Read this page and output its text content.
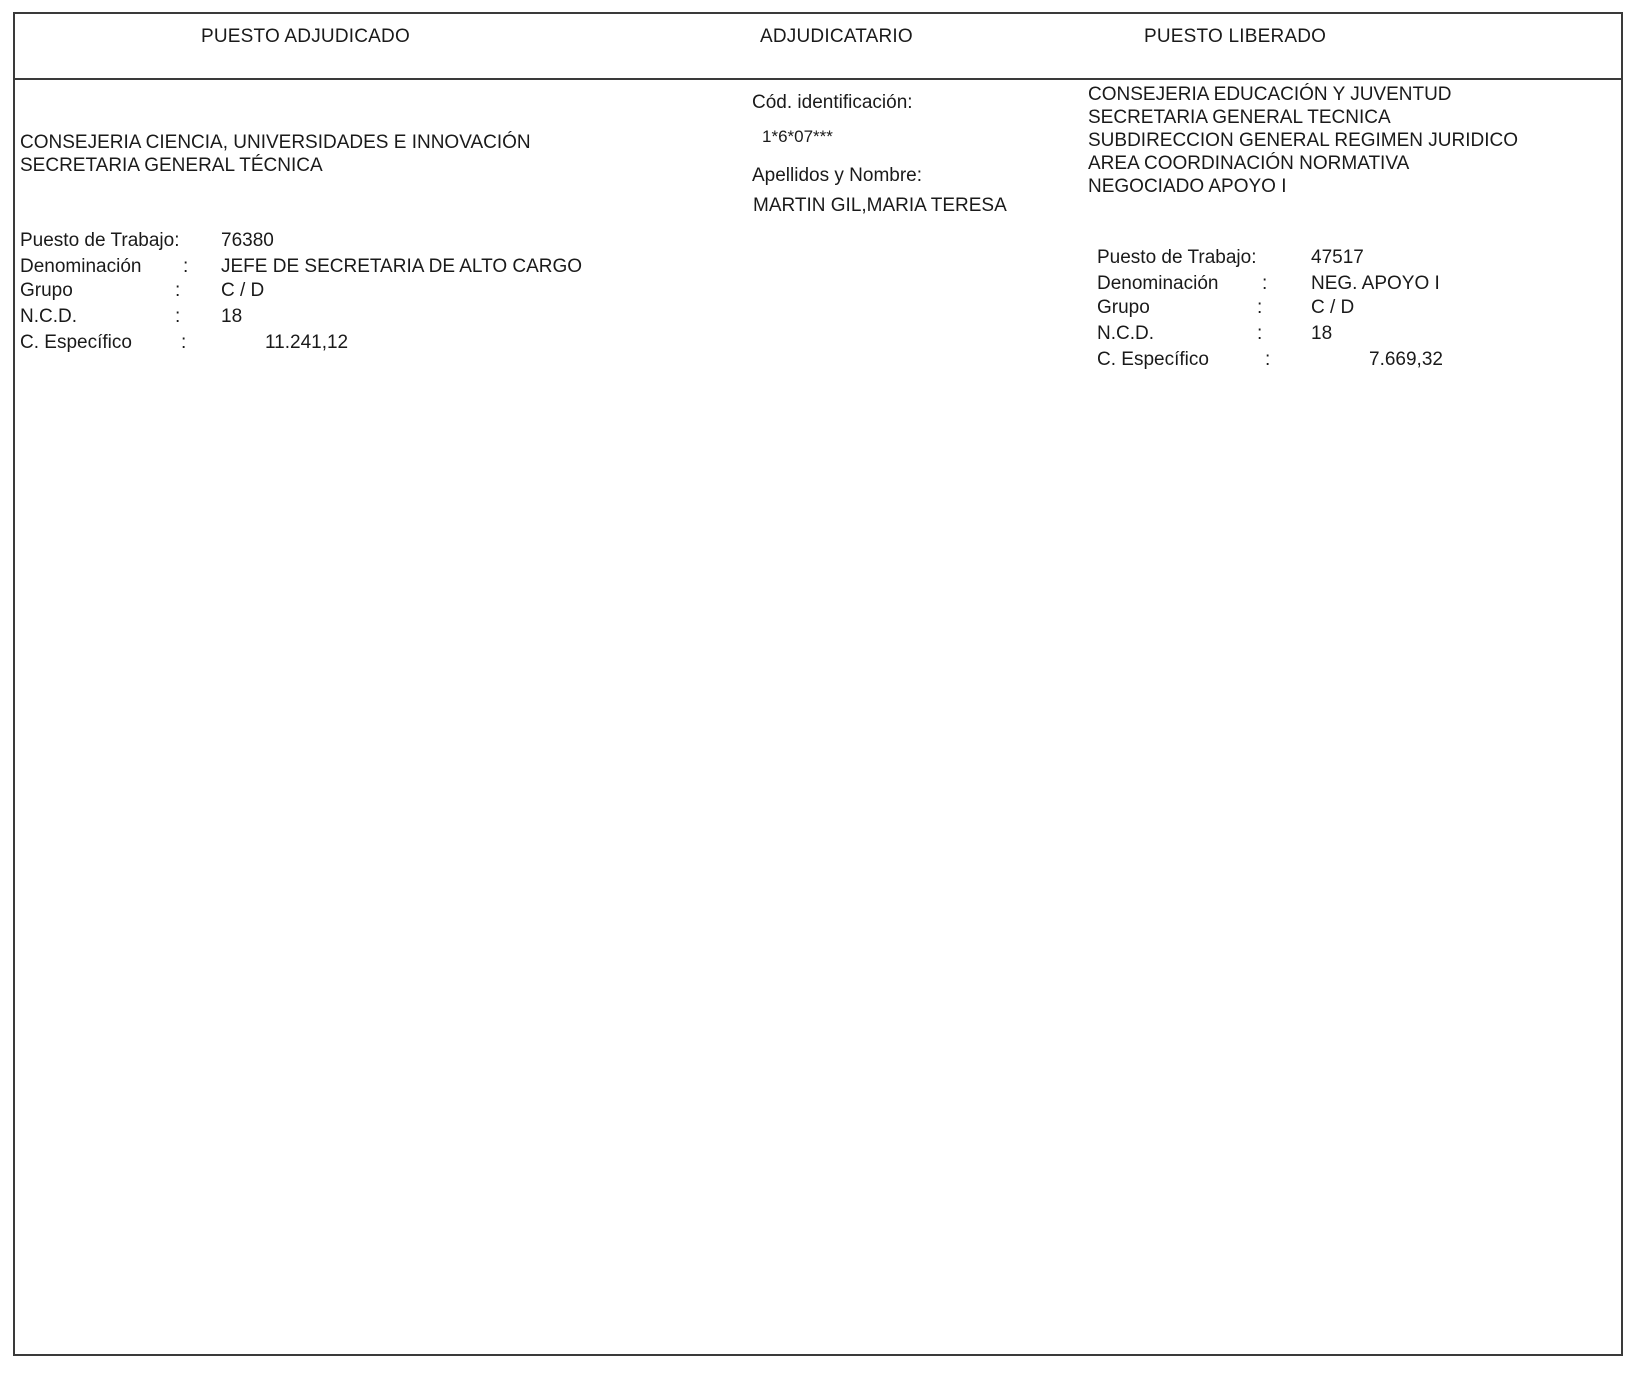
PUESTO ADJUDICADO	ADJUDICATARIO	PUESTO LIBERADO
CONSEJERIA CIENCIA, UNIVERSIDADES E INNOVACIÓN
SECRETARIA GENERAL TÉCNICA
Puesto de Trabajo: 76380
Denominación : JEFE DE SECRETARIA DE ALTO CARGO
Grupo	: C / D
N.C.D.	: 18
C. Específico	:	11.241,12
Cód. identificación:
1*6*07***
Apellidos y Nombre:
MARTIN GIL,MARIA TERESA
CONSEJERIA EDUCACIÓN Y JUVENTUD
SECRETARIA GENERAL TECNICA
SUBDIRECCION GENERAL REGIMEN JURIDICO
AREA COORDINACIÓN NORMATIVA
NEGOCIADO APOYO I
Puesto de Trabajo:	47517
Denominación : NEG. APOYO I
Grupo	:	C / D
N.C.D.	:	18
C. Específico	:	7.669,32
